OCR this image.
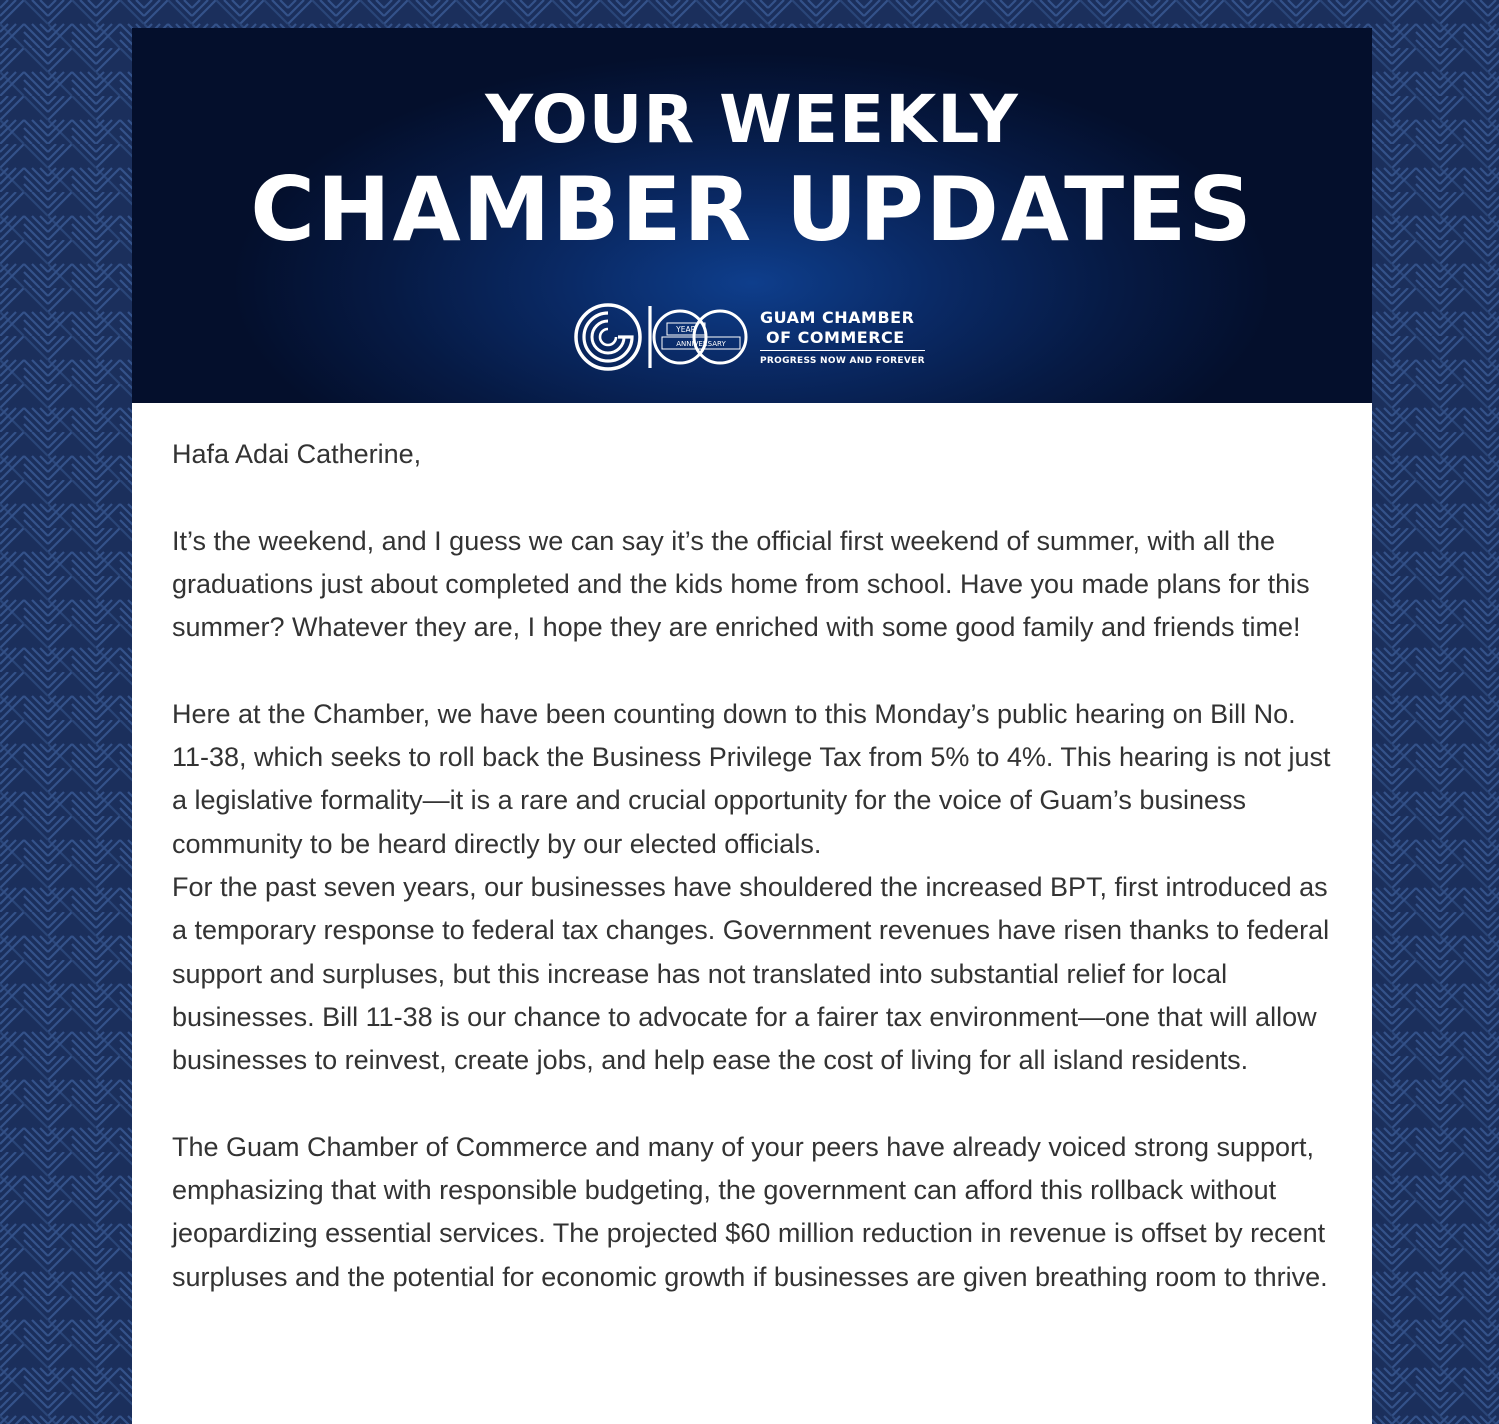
YOUR WEEKLY
CHAMBER UPDATES
YEAR
ANNIVERSARY
GUAM CHAMBER
OF COMMERCE
PROGRESS NOW AND FOREVER

Hafa Adai Catherine,

It’s the weekend, and I guess we can say it’s the official first weekend of summer, with all the graduations just about completed and the kids home from school. Have you made plans for this summer? Whatever they are, I hope they are enriched with some good family and friends time!

Here at the Chamber, we have been counting down to this Monday’s public hearing on Bill No. 11-38, which seeks to roll back the Business Privilege Tax from 5% to 4%. This hearing is not just a legislative formality—it is a rare and crucial opportunity for the voice of Guam’s business community to be heard directly by our elected officials.

For the past seven years, our businesses have shouldered the increased BPT, first introduced as a temporary response to federal tax changes. Government revenues have risen thanks to federal support and surpluses, but this increase has not translated into substantial relief for local businesses. Bill 11-38 is our chance to advocate for a fairer tax environment—one that will allow businesses to reinvest, create jobs, and help ease the cost of living for all island residents.

The Guam Chamber of Commerce and many of your peers have already voiced strong support, emphasizing that with responsible budgeting, the government can afford this rollback without jeopardizing essential services. The projected $60 million reduction in revenue is offset by recent surpluses and the potential for economic growth if businesses are given breathing room to thrive.
